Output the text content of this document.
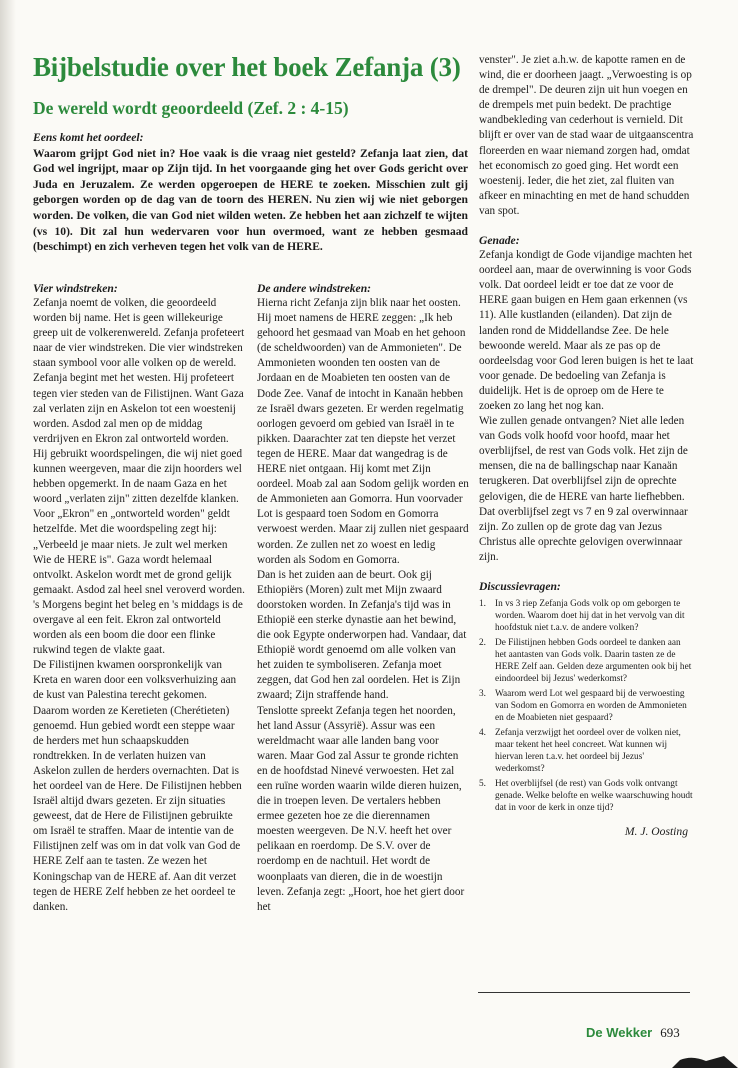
Bijbelstudie over het boek Zefanja (3)
De wereld wordt geoordeeld (Zef. 2 : 4-15)
Eens komt het oordeel:
Waarom grijpt God niet in? Hoe vaak is die vraag niet gesteld? Zefanja laat zien, dat God wel ingrijpt, maar op Zijn tijd. In het voorgaande ging het over Gods gericht over Juda en Jeruzalem. Ze werden opgeroepen de HERE te zoeken. Misschien zult gij geborgen worden op de dag van de toorn des HEREN. Nu zien wij wie niet geborgen worden. De volken, die van God niet wilden weten. Ze hebben het aan zichzelf te wijten (vs 10). Dit zal hun wedervaren voor hun overmoed, want ze hebben gesmaad (beschimpt) en zich verheven tegen het volk van de HERE.
Vier windstreken:

Zefanja noemt de volken, die geoordeeld worden bij name. Het is geen willekeurige greep uit de volkerenwereld. Zefanja profeteert naar de vier windstreken. Die vier windstreken staan symbool voor alle volken op de wereld.

Zefanja begint met het westen. Hij profeteert tegen vier steden van de Filistijnen. Want Gaza zal verlaten zijn en Askelon tot een woestenij worden. Asdod zal men op de middag verdrijven en Ekron zal ontworteld worden. Hij gebruikt woordspelingen, die wij niet goed kunnen weergeven, maar die zijn hoorders wel hebben opgemerkt. In de naam Gaza en het woord „verlaten zijn" zitten dezelfde klanken. Voor „Ekron" en „ontworteld worden" geldt hetzelfde. Met die woordspeling zegt hij: „Verbeeld je maar niets. Je zult wel merken Wie de HERE is". Gaza wordt helemaal ontvolkt. Askelon wordt met de grond gelijk gemaakt. Asdod zal heel snel veroverd worden. 's Morgens begint het beleg en 's middags is de overgave al een feit. Ekron zal ontworteld worden als een boom die door een flinke rukwind tegen de vlakte gaat.

De Filistijnen kwamen oorspronkelijk van Kreta en waren door een volksverhuizing aan de kust van Palestina terecht gekomen. Daarom worden ze Keretieten (Cherétieten) genoemd. Hun gebied wordt een steppe waar de herders met hun schaapskudden rondtrekken. In de verlaten huizen van Askelon zullen de herders overnachten. Dat is het oordeel van de Here. De Filistijnen hebben Israël altijd dwars gezeten. Er zijn situaties geweest, dat de Here de Filistijnen gebruikte om Israël te straffen. Maar de intentie van de Filistijnen zelf was om in dat volk van God de HERE Zelf aan te tasten. Ze wezen het Koningschap van de HERE af. Aan dit verzet tegen de HERE Zelf hebben ze het oordeel te danken.

De andere windstreken:

Hierna richt Zefanja zijn blik naar het oosten. Hij moet namens de HERE zeggen: „Ik heb gehoord het gesmaad van Moab en het gehoon (de scheldwoorden) van de Ammonieten". De Ammonieten woonden ten oosten van de Jordaan en de Moabieten ten oosten van de Dode Zee. Vanaf de intocht in Kanaän hebben ze Israël dwars gezeten. Er werden regelmatig oorlogen gevoerd om gebied van Israël in te pikken. Daarachter zat ten diepste het verzet tegen de HERE. Maar dat wangedrag is de HERE niet ontgaan. Hij komt met Zijn oordeel. Moab zal aan Sodom gelijk worden en de Ammonieten aan Gomorra. Hun voorvader Lot is gespaard toen Sodom en Gomorra verwoest werden. Maar zij zullen niet gespaard worden. Ze zullen net zo woest en ledig worden als Sodom en Gomorra.

Dan is het zuiden aan de beurt. Ook gij Ethiopiërs (Moren) zult met Mijn zwaard doorstoken worden. In Zefanja's tijd was in Ethiopië een sterke dynastie aan het bewind, die ook Egypte onderworpen had. Vandaar, dat Ethiopië wordt genoemd om alle volken van het zuiden te symboliseren. Zefanja moet zeggen, dat God hen zal oordelen. Het is Zijn zwaard; Zijn straffende hand.

Tenslotte spreekt Zefanja tegen het noorden, het land Assur (Assyrië). Assur was een wereldmacht waar alle landen bang voor waren. Maar God zal Assur te gronde richten en de hoofdstad Ninevé verwoesten. Het zal een ruïne worden waarin wilde dieren huizen, die in troepen leven. De vertalers hebben ermee gezeten hoe ze die dierennamen moesten weergeven. De N.V. heeft het over pelikaan en roerdomp. De S.V. over de roerdomp en de nachtuil. Het wordt de woonplaats van dieren, die in de woestijn leven. Zefanja zegt: „Hoort, hoe het giert door het

venster". Je ziet a.h.w. de kapotte ramen en de wind, die er doorheen jaagt. „Verwoesting is op de drempel". De deuren zijn uit hun voegen en de drempels met puin bedekt. De prachtige wandbekleding van cederhout is vernield. Dit blijft er over van de stad waar de uitgaanscentra floreerden en waar niemand zorgen had, omdat het economisch zo goed ging. Het wordt een woestenij. Ieder, die het ziet, zal fluiten van afkeer en minachting en met de hand schudden van spot.

Genade:

Zefanja kondigt de Gode vijandige machten het oordeel aan, maar de overwinning is voor Gods volk. Dat oordeel leidt er toe dat ze voor de HERE gaan buigen en Hem gaan erkennen (vs 11). Alle kustlanden (eilanden). Dat zijn de landen rond de Middellandse Zee. De hele bewoonde wereld. Maar als ze pas op de oordeelsdag voor God leren buigen is het te laat voor genade. De bedoeling van Zefanja is duidelijk. Het is de oproep om de Here te zoeken zo lang het nog kan.

Wie zullen genade ontvangen? Niet alle leden van Gods volk hoofd voor hoofd, maar het overblijfsel, de rest van Gods volk. Het zijn de mensen, die na de ballingschap naar Kanaän terugkeren. Dat overblijfsel zijn de oprechte gelovigen, die de HERE van harte liefhebben. Dat overblijfsel zegt vs 7 en 9 zal overwinnaar zijn. Zo zullen op de grote dag van Jezus Christus alle oprechte gelovigen overwinnaar zijn.

Discussievragen:
1. In vs 3 riep Zefanja Gods volk op om geborgen te worden. Waarom doet hij dat in het vervolg van dit hoofdstuk niet t.a.v. de andere volken?
2. De Filistijnen hebben Gods oordeel te danken aan het aantasten van Gods volk. Daarin tasten ze de HERE Zelf aan. Gelden deze argumenten ook bij het eindoordeel bij Jezus' wederkomst?
3. Waarom werd Lot wel gespaard bij de verwoesting van Sodom en Gomorra en worden de Ammonieten en de Moabieten niet gespaard?
4. Zefanja verzwijgt het oordeel over de volken niet, maar tekent het heel concreet. Wat kunnen wij hiervan leren t.a.v. het oordeel bij Jezus' wederkomst?
5. Het overblijfsel (de rest) van Gods volk ontvangt genade. Welke belofte en welke waarschuwing houdt dat in voor de kerk in onze tijd?
M. J. Oosting
De Wekker 693
